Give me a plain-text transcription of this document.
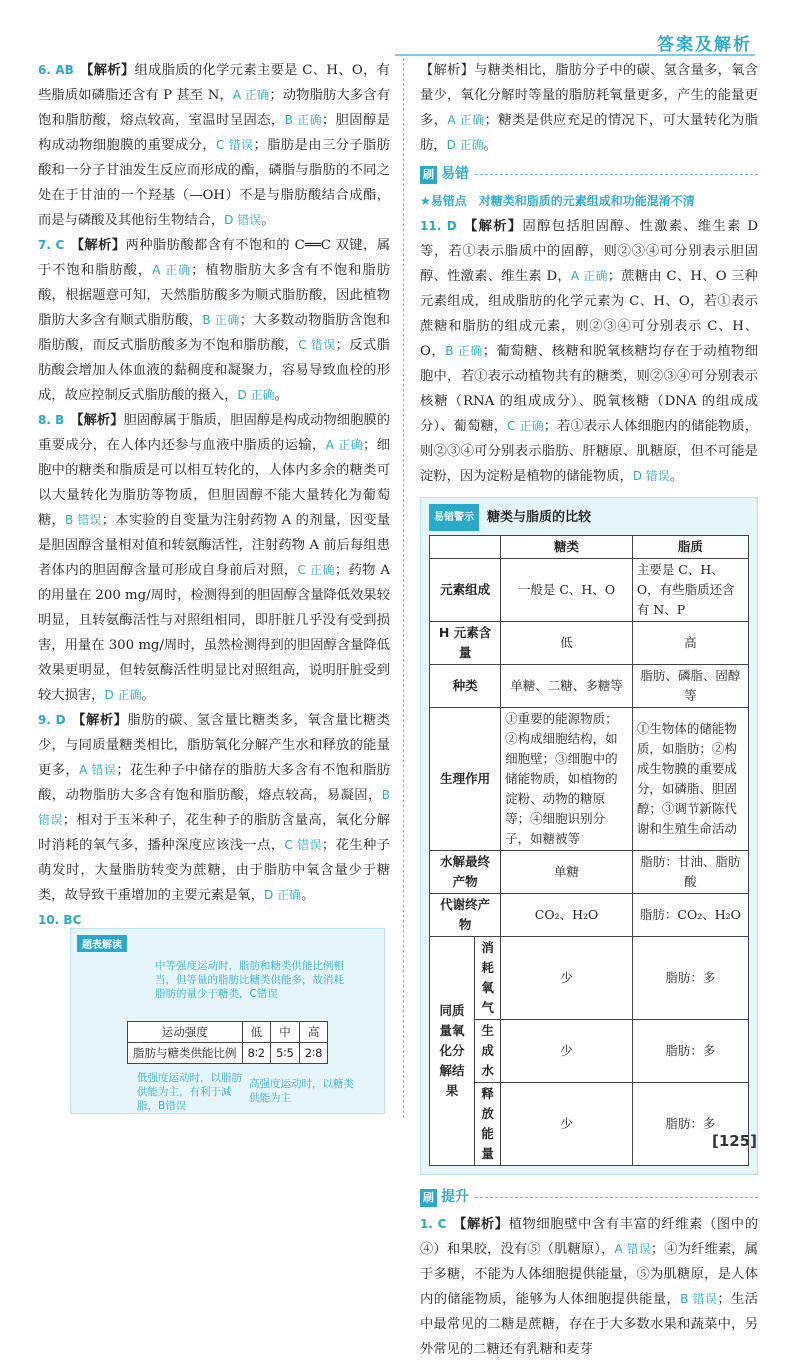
答案及解析

6. AB 【解析】组成脂质的化学元素主要是 C、H、O，有些脂质如磷脂还含有 P 甚至 N，A 正确；动物脂肪大多含有饱和脂肪酸，熔点较高，室温时呈固态，B 正确；胆固醇是构成动物细胞膜的重要成分，C 错误；脂肪是由三分子脂肪酸和一分子甘油发生反应而形成的酯，磷脂与脂肪的不同之处在于甘油的一个羟基（—OH）不是与脂肪酸结合成酯，而是与磷酸及其他衍生物结合，D 错误。

7. C 【解析】两种脂肪酸都含有不饱和的 C══C 双键，属于不饱和脂肪酸，A 正确；植物脂肪大多含有不饱和脂肪酸，根据题意可知，天然脂肪酸多为顺式脂肪酸，因此植物脂肪大多含有顺式脂肪酸，B 正确；大多数动物脂肪含饱和脂肪酸，而反式脂肪酸多为不饱和脂肪酸，C 错误；反式脂肪酸会增加人体血液的黏稠度和凝聚力，容易导致血栓的形成，故应控制反式脂肪酸的摄入，D 正确。

8. B 【解析】胆固醇属于脂质，胆固醇是构成动物细胞膜的重要成分，在人体内还参与血液中脂质的运输，A 正确；细胞中的糖类和脂质是可以相互转化的，人体内多余的糖类可以大量转化为脂肪等物质，但胆固醇不能大量转化为葡萄糖，B 错误；本实验的自变量为注射药物 A 的剂量，因变量是胆固醇含量相对值和转氨酶活性，注射药物 A 前后每组患者体内的胆固醇含量可形成自身前后对照，C 正确；药物 A 的用量在 200 mg/周时，检测得到的胆固醇含量降低效果较明显，且转氨酶活性与对照组相同，即肝脏几乎没有受到损害，用量在 300 mg/周时，虽然检测得到的胆固醇含量降低效果更明显，但转氨酶活性明显比对照组高，说明肝脏受到较大损害，D 正确。

9. D 【解析】脂肪的碳、氢含量比糖类多，氧含量比糖类少，与同质量糖类相比，脂肪氧化分解产生水和释放的能量更多，A 错误；花生种子中储存的脂肪大多含有不饱和脂肪酸，动物脂肪大多含有饱和脂肪酸，熔点较高，易凝固，B 错误；相对于玉米种子，花生种子的脂肪含量高，氧化分解时消耗的氧气多，播种深度应该浅一点，C 错误；花生种子萌发时，大量脂肪转变为蔗糖，由于脂肪中氧含量少于糖类，故导致干重增加的主要元素是氧，D 正确。

10. BC

题表解读
中等强度运动时，脂肪和糖类供能比例相当，但等量的脂肪比糖类供能多，故消耗脂肪的量少于糖类，C错误
运动强度	低	中	高
脂肪与糖类供能比例	8∶2	5∶5	2∶8
低强度运动时，以脂肪供能为主，有利于减脂，B错误
高强度运动时，以糖类供能为主

【解析】与糖类相比，脂肪分子中的碳、氢含量多，氧含量少，氧化分解时等量的脂肪耗氧量更多，产生的能量更多，A 正确；糖类是供应充足的情况下，可大量转化为脂肪，D 正确。

刷 易错
★易错点　对糖类和脂质的元素组成和功能混淆不清

11. D 【解析】固醇包括胆固醇、性激素、维生素 D 等，若①表示脂质中的固醇，则②③④可分别表示胆固醇、性激素、维生素 D，A 正确；蔗糖由 C、H、O 三种元素组成，组成脂肪的化学元素为 C、H、O，若①表示蔗糖和脂肪的组成元素，则②③④可分别表示 C、H、O，B 正确；葡萄糖、核糖和脱氧核糖均存在于动植物细胞中，若①表示动植物共有的糖类，则②③④可分别表示核糖（RNA 的组成成分）、脱氧核糖（DNA 的组成成分）、葡萄糖，C 正确；若①表示人体细胞内的储能物质，则②③④可分别表示脂肪、肝糖原、肌糖原，但不可能是淀粉，因为淀粉是植物的储能物质，D 错误。

易错警示	糖类与脂质的比较
		糖类	脂质
元素组成		一般是 C、H、O	主要是 C、H、O，有些脂质还含有 N、P
H 元素含量		低	高
种类		单糖、二糖、多糖等	脂肪、磷脂、固醇等
生理作用		①重要的能源物质；②构成细胞结构，如细胞壁；③细胞中的储能物质，如植物的淀粉、动物的糖原等；④细胞识别分子，如糖被等	①生物体的储能物质，如脂肪；②构成生物膜的重要成分，如磷脂、胆固醇；③调节新陈代谢和生殖生命活动
水解最终产物		单糖	脂肪：甘油、脂肪酸
代谢终产物		CO₂、H₂O	脂肪：CO₂、H₂O
同质量氧化分解结果	消耗氧气	少	脂肪：多
	生成水	少	脂肪：多
	释放能量	少	脂肪：多
刷 提升

1. C 【解析】植物细胞壁中含有丰富的纤维素（图中的④）和果胶，没有⑤（肌糖原），A 错误；④为纤维素，属于多糖，不能为人体细胞提供能量，⑤为肌糖原，是人体内的储能物质，能够为人体细胞提供能量，B 错误；生活中最常见的二糖是蔗糖，存在于大多数水果和蔬菜中，另外常见的二糖还有乳糖和麦芽

[125]
